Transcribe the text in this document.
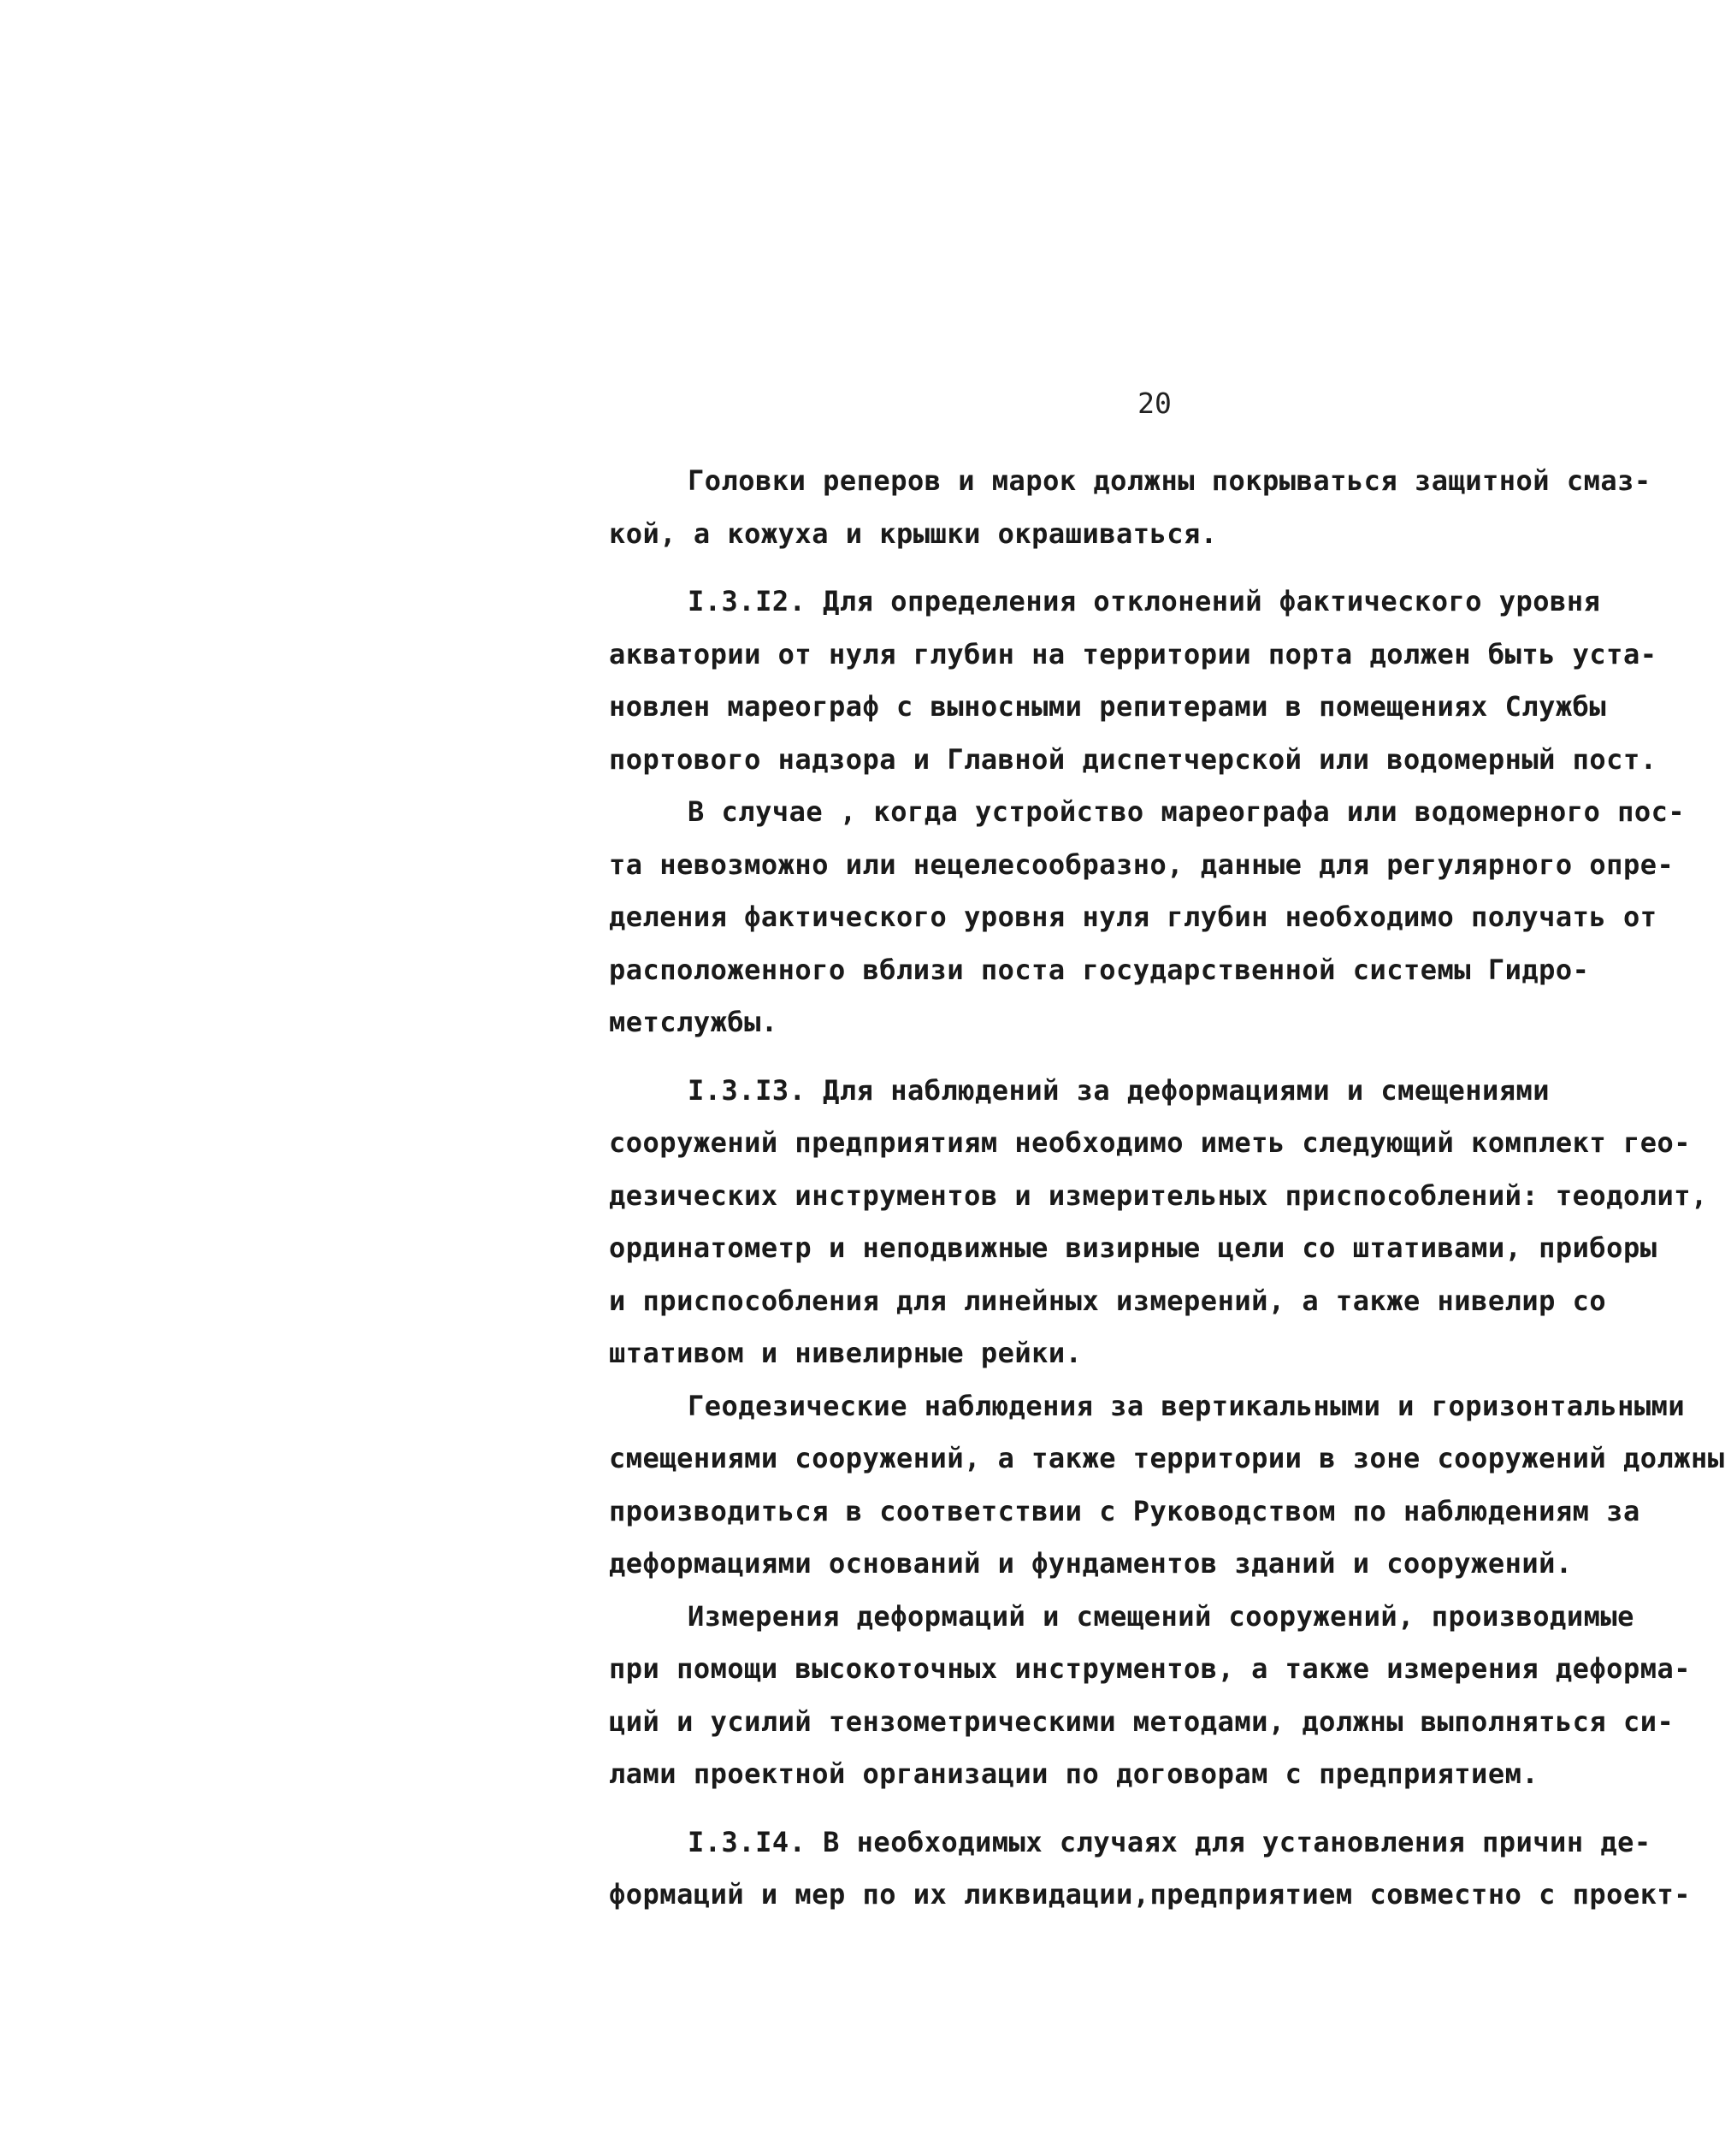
20
Головки реперов и марок должны покрываться защитной смаз-
кой, а кожуха и крышки окрашиваться.
I.3.I2. Для определения отклонений фактического уровня
акватории от нуля глубин на территории порта должен быть уста-
новлен мареограф с выносными репитерами в помещениях Службы
портового надзора и Главной диспетчерской или водомерный пост.
В случае , когда устройство мареографа или водомерного пос-
та невозможно или нецелесообразно, данные для регулярного опре-
деления фактического уровня нуля глубин необходимо получать от
расположенного вблизи поста государственной системы Гидро-
метслужбы.
I.3.I3. Для наблюдений за деформациями и смещениями
сооружений предприятиям необходимо иметь следующий комплект гео-
дезических инструментов и измерительных приспособлений: теодолит,
ординатометр и неподвижные визирные цели со штативами, приборы
и приспособления для линейных измерений, а также нивелир со
штативом и нивелирные рейки.
Геодезические наблюдения за вертикальными и горизонтальными
смещениями сооружений, а также территории в зоне сооружений должны
производиться в соответствии с Руководством по наблюдениям за
деформациями оснований и фундаментов зданий и сооружений.
Измерения деформаций и смещений сооружений, производимые
при помощи высокоточных инструментов, а также измерения деформа-
ций и усилий тензометрическими методами, должны выполняться си-
лами проектной организации по договорам с предприятием.
I.3.I4. В необходимых случаях для установления причин де-
формаций и мер по их ликвидации,предприятием совместно с проект-
